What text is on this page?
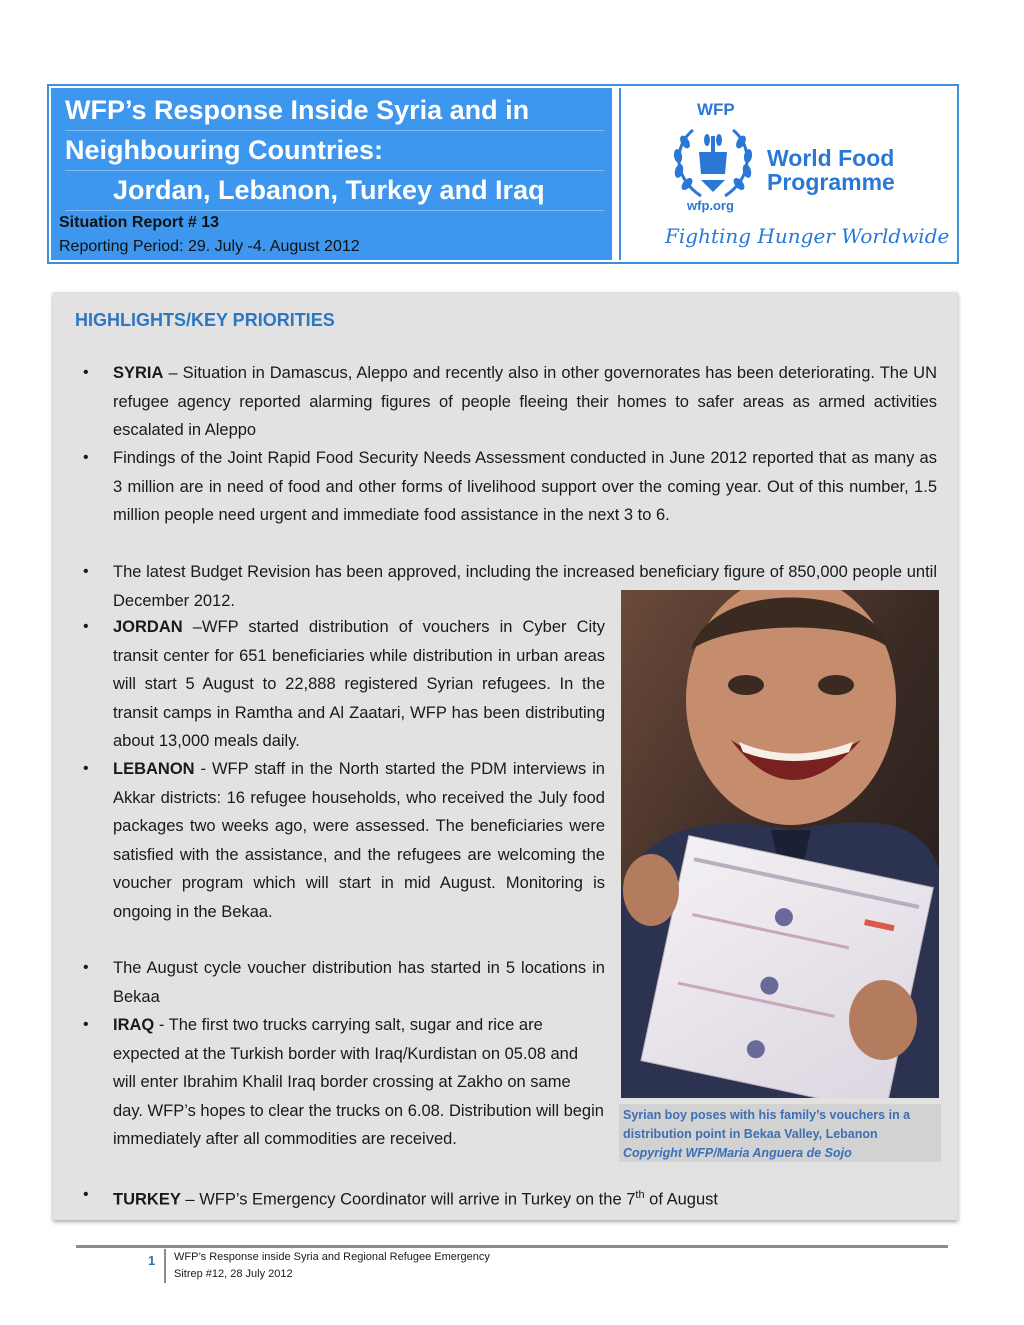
WFP’s Response Inside Syria and in
Neighbouring Countries:
Jordan, Lebanon, Turkey and Iraq
Situation Report # 13
Reporting Period: 29. July -4. August 2012
WFP
wfp.org
World Food
Programme
Fighting Hunger Worldwide
HIGHLIGHTS/KEY PRIORITIES
• SYRIA – Situation in Damascus, Aleppo and recently also in other governorates has been deteriorating. The UN refugee agency reported alarming figures of people fleeing their homes to safer areas as armed activities escalated in Aleppo
• Findings of the Joint Rapid Food Security Needs Assessment conducted in June 2012 reported that as many as 3 million are in need of food and other forms of livelihood support over the coming year. Out of this number, 1.5 million people need urgent and immediate food assistance in the next 3 to 6.
• The latest Budget Revision has been approved, including the increased beneficiary figure of 850,000 people until December 2012.
• JORDAN –WFP started distribution of vouchers in Cyber City transit center for 651 beneficiaries while distribution in urban areas will start 5 August to 22,888 registered Syrian refugees. In the transit camps in Ramtha and Al Zaatari, WFP has been distributing about 13,000 meals daily.
• LEBANON - WFP staff in the North started the PDM interviews in Akkar districts: 16 refugee households, who received the July food packages two weeks ago, were assessed. The beneficiaries were satisfied with the assistance, and the refugees are welcoming the voucher program which will start in mid August. Monitoring is ongoing in the Bekaa.
• The August cycle voucher distribution has started in 5 locations in Bekaa
• IRAQ - The first two trucks carrying salt, sugar and rice are expected at the Turkish border with Iraq/Kurdistan on 05.08 and will enter Ibrahim Khalil Iraq border crossing at Zakho on same day. WFP’s hopes to clear the trucks on 6.08. Distribution will begin immediately after all commodities are received.
• TURKEY – WFP’s Emergency Coordinator will arrive in Turkey on the 7th of August
Syrian boy poses with his family’s vouchers in a
distribution point in Bekaa Valley, Lebanon
Copyright WFP/Maria Anguera de Sojo
1 WFP’s Response inside Syria and Regional Refugee Emergency
Sitrep #12, 28 July 2012
